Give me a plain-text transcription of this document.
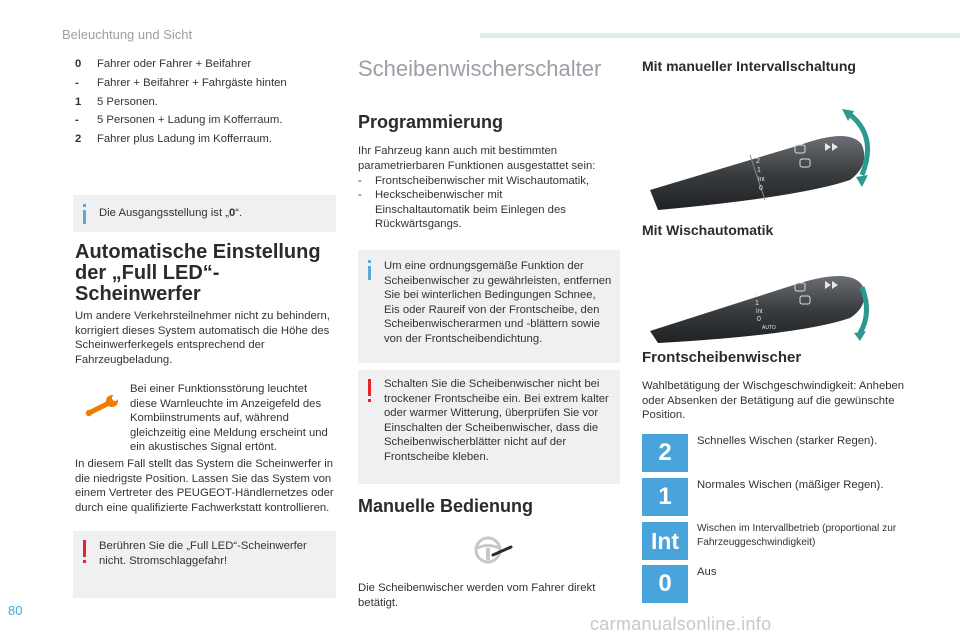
Beleuchtung und Sicht
0 Fahrer oder Fahrer + Beifahrer
- Fahrer + Beifahrer + Fahrgäste hinten
1 5 Personen.
- 5 Personen + Ladung im Kofferraum.
2 Fahrer plus Ladung im Kofferraum.
Die Ausgangsstellung ist „0“.
Automatische Einstellung
der „Full LED“-
Scheinwerfer
Um andere Verkehrsteilnehmer nicht zu behindern, korrigiert dieses System automatisch die Höhe des Scheinwerferkegels entsprechend der Fahrzeugbeladung.
Bei einer Funktionsstörung leuchtet diese Warnleuchte im Anzeigefeld des Kombiinstruments auf, während gleichzeitig eine Meldung erscheint und ein akustisches Signal ertönt.
In diesem Fall stellt das System die Scheinwerfer in die niedrigste Position. Lassen Sie das System von einem Vertreter des PEUGEOT-Händlernetzes oder durch eine qualifizierte Fachwerkstatt kontrollieren.
Berühren Sie die „Full LED“-Scheinwerfer nicht. Stromschlaggefahr!
Scheibenwischerschalter
Programmierung
Ihr Fahrzeug kann auch mit bestimmten parametrierbaren Funktionen ausgestattet sein:
- Frontscheibenwischer mit Wischautomatik,
-	Heckscheibenwischer mit Einschaltautomatik beim Einlegen des Rückwärtsgangs.
Um eine ordnungsgemäße Funktion der Scheibenwischer zu gewährleisten, entfernen Sie bei winterlichen Bedingungen Schnee, Eis oder Raureif von der Frontscheibe, den Scheibenwischerarmen und -blättern sowie von der Frontscheibendichtung.
Schalten Sie die Scheibenwischer nicht bei trockener Frontscheibe ein. Bei extrem kalter oder warmer Witterung, überprüfen Sie vor Einschalten der Scheibenwischer, dass die Scheibenwischerblätter nicht auf der Frontscheibe kleben.
Manuelle Bedienung
Die Scheibenwischer werden vom Fahrer direkt betätigt.
Mit manueller Intervallschaltung
2
1
Int
0
Mit Wischautomatik
2
1
Int
0
AUTO
Frontscheibenwischer
Wahlbetätigung der Wischgeschwindigkeit: Anheben oder Absenken der Betätigung auf die gewünschte Position.
2	Schnelles Wischen (starker Regen).
1	Normales Wischen (mäßiger Regen).
Int	Wischen im Intervallbetrieb (proportional zur Fahrzeuggeschwindigkeit)
0	Aus
80
carmanualsonline.info
